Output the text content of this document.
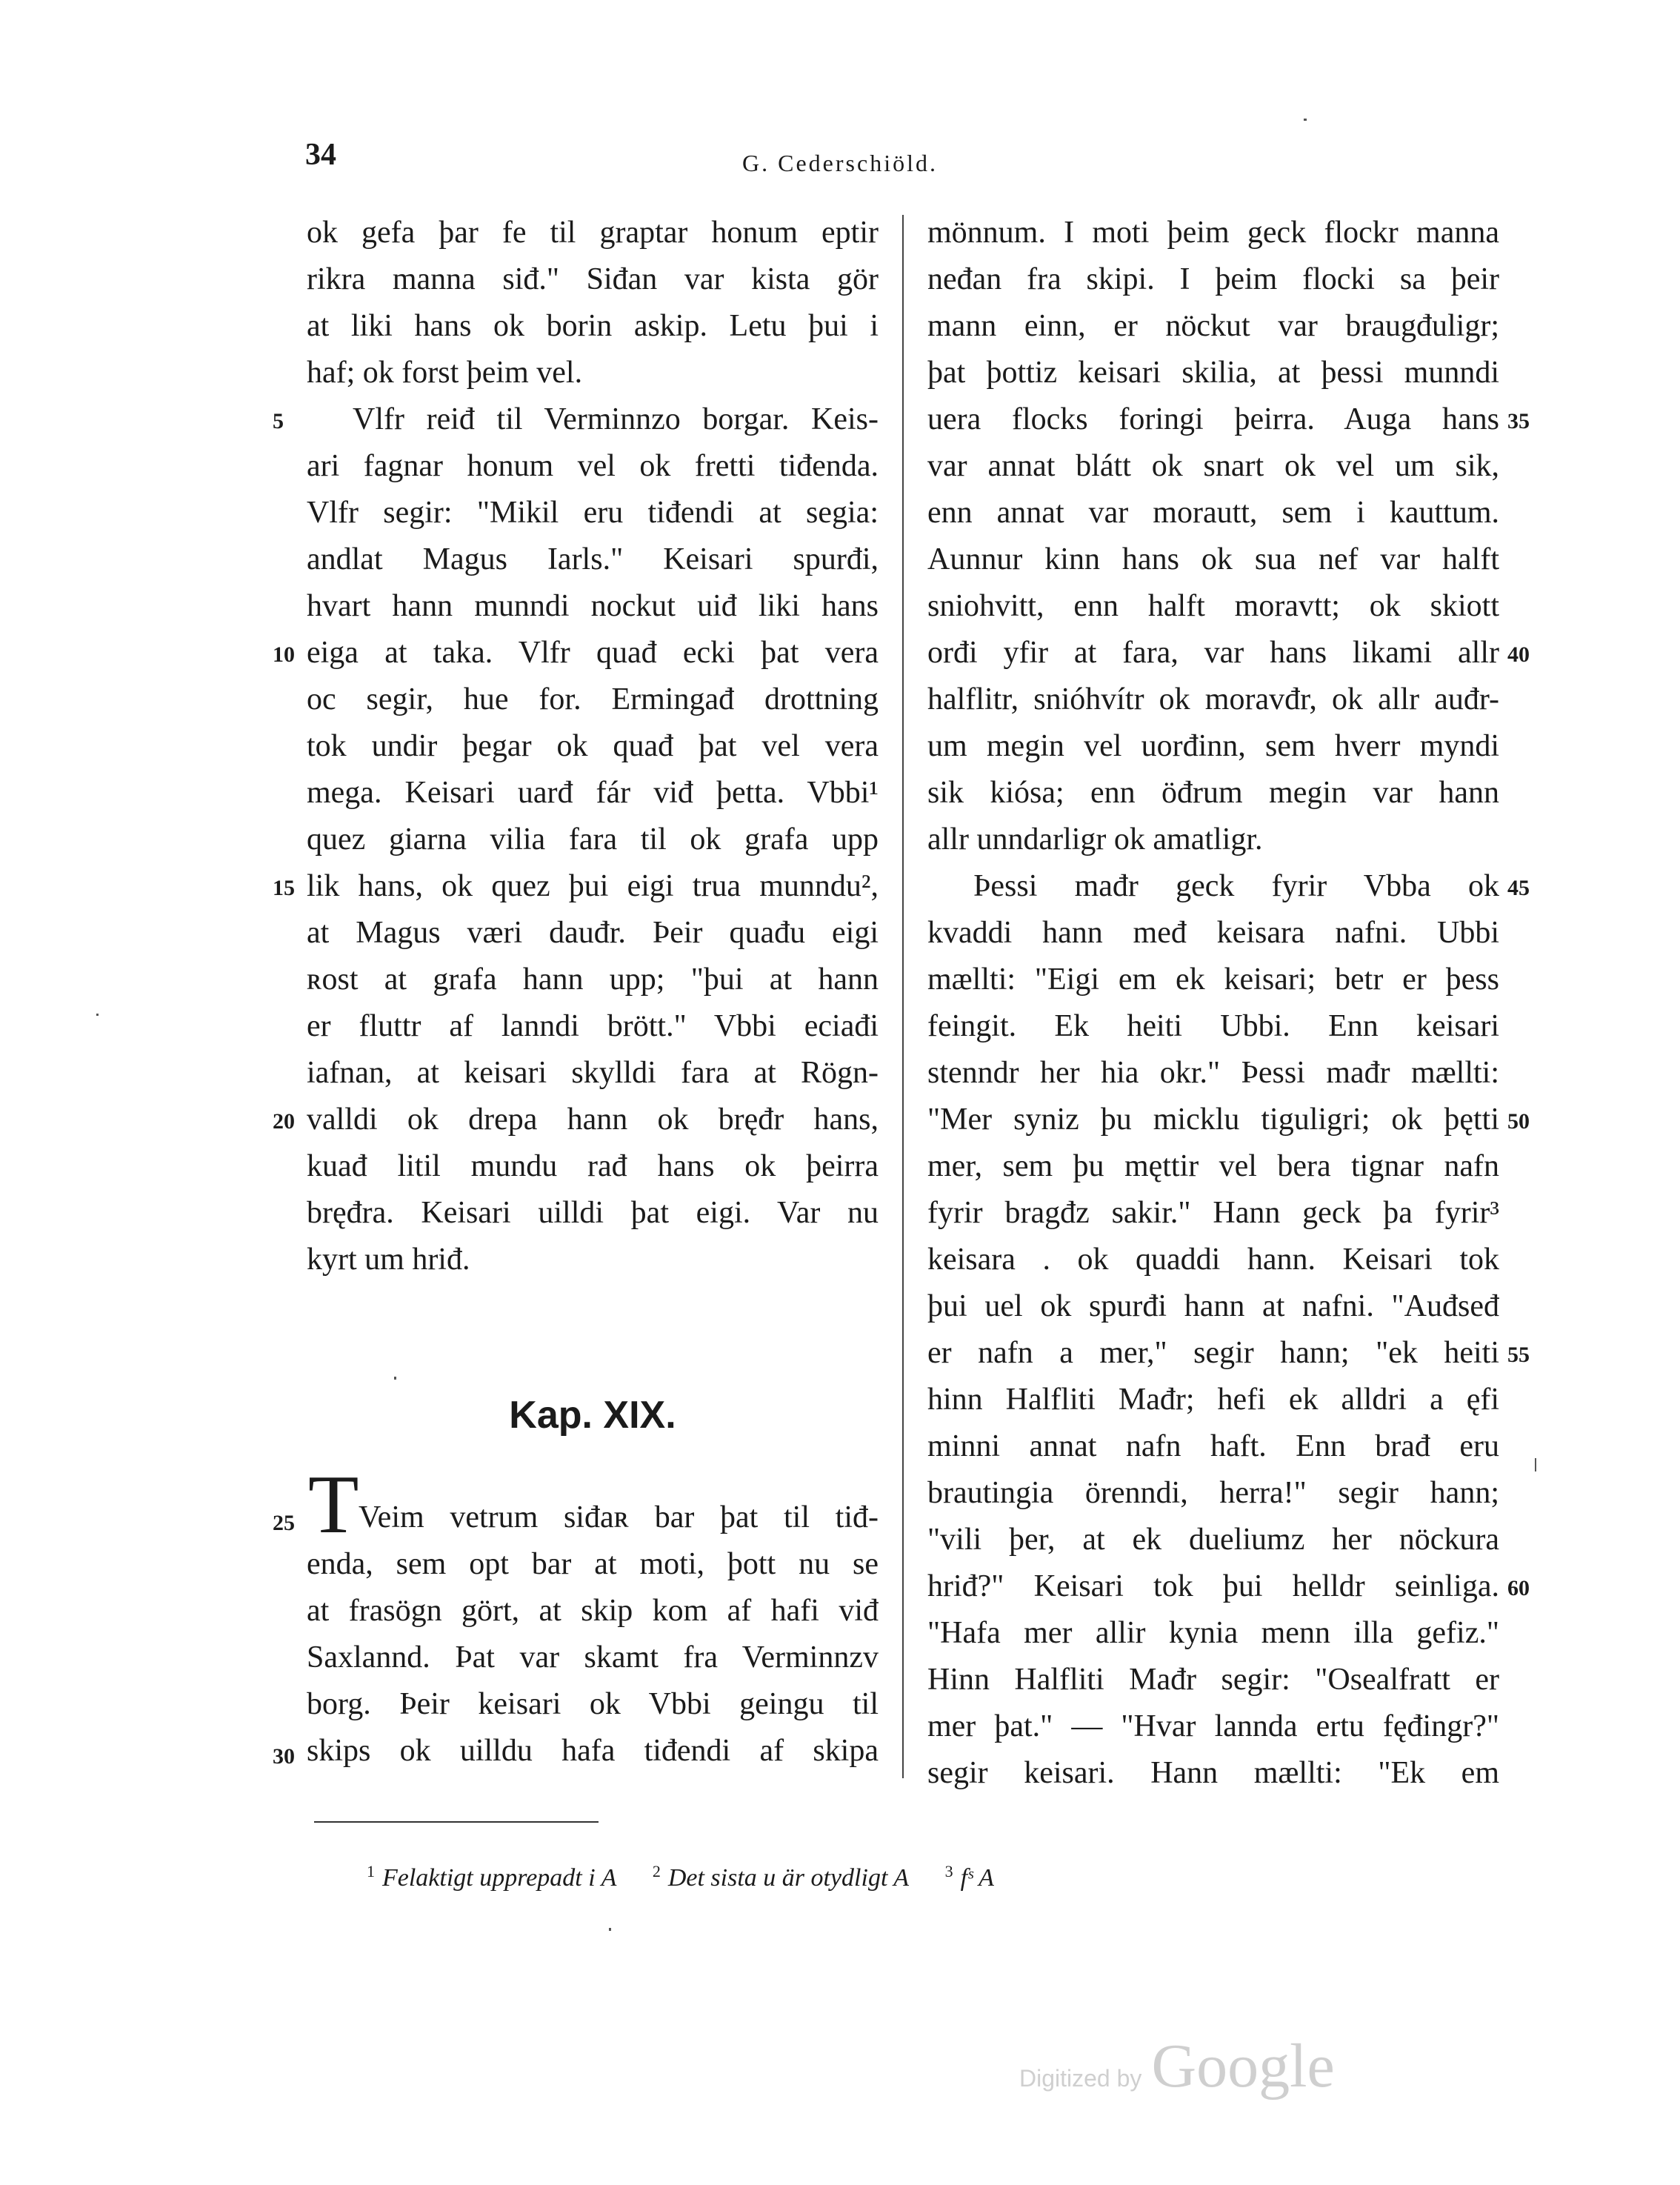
34	G. Cederschiöld.
ok gefa þar fe til graptar honum eptir
rikra manna siđ." Siđan var kista gör
at liki hans ok borin askip. Letu þui i
haf; ok forst þeim vel.
Vlfr reiđ til Verminnzo borgar. Keis-
ari fagnar honum vel ok fretti tiđenda.
Vlfr segir: "Mikil eru tiđendi at segia:
andlat Magus Iarls." Keisari spurđi,
hvart hann munndi nockut uiđ liki hans
eiga at taka. Vlfr quađ ecki þat vera
oc segir, hue for. Ermingađ drottning
tok undir þegar ok quađ þat vel vera
mega. Keisari uarđ fár viđ þetta. Vbbi¹
quez giarna vilia fara til ok grafa upp
lik hans, ok quez þui eigi trua munndu²,
at Magus væri dauđr. Þeir quađu eigi
ʀost at grafa hann upp; "þui at hann
er fluttr af lanndi brött." Vbbi eciađi
iafnan, at keisari skylldi fara at Rögn-
valldi ok drepa hann ok bręđr hans,
kuađ litil mundu rađ hans ok þeirra
bręđra. Keisari uilldi þat eigi. Var nu
kyrt um hriđ.
5
10
15
20
Kap. XIX.
T Veim vetrum siđaʀ bar þat til tiđ-
enda, sem opt bar at moti, þott nu se
at frasögn gört, at skip kom af hafi viđ
Saxlannd. Þat var skamt fra Verminnzv
borg. Þeir keisari ok Vbbi geingu til
skips ok uilldu hafa tiđendi af skipa
25
30
mönnum. I moti þeim geck flockr manna
neđan fra skipi. I þeim flocki sa þeir
mann einn, er nöckut var braugđuligr;
þat þottiz keisari skilia, at þessi munndi
uera flocks foringi þeirra. Auga hans
var annat blátt ok snart ok vel um sik,
enn annat var morautt, sem i kauttum.
Aunnur kinn hans ok sua nef var halft
sniohvitt, enn halft moravtt; ok skiott
orđi yfir at fara, var hans likami allr
halflitr, snióhvítr ok moravđr, ok allr auđr-
um megin vel uorđinn, sem hverr myndi
sik kiósa; enn öđrum megin var hann
allr unndarligr ok amatligr.
Þessi mađr geck fyrir Vbba ok
kvaddi hann međ keisara nafni. Ubbi
mællti: "Eigi em ek keisari; betr er þess
feingit. Ek heiti Ubbi. Enn keisari
stenndr her hia okr." Þessi mađr mællti:
"Mer syniz þu micklu tiguligri; ok þętti
mer, sem þu męttir vel bera tignar nafn
fyrir bragđz sakir." Hann geck þa fyrir³
keisara . ok quaddi hann. Keisari tok
þui uel ok spurđi hann at nafni. "Auđseđ
er nafn a mer," segir hann; "ek heiti
hinn Halfliti Mađr; hefi ek alldri a ęfi
minni annat nafn haft. Enn brađ eru
brautingia örenndi, herra!" segir hann;
"vili þer, at ek dueliumz her nöckura
hriđ?" Keisari tok þui helldr seinliga.
"Hafa mer allir kynia menn illa gefiz."
Hinn Halfliti Mađr segir: "Osealfratt er
mer þat." — "Hvar lannda ertu fęđingr?"
segir keisari. Hann mællti: "Ek em
35
40
45
50
55
60
$^1$ Felaktigt upprepadt i A $^2$ Det sista u är otydligt A $^3$ fˢ A
Digitized by Google
